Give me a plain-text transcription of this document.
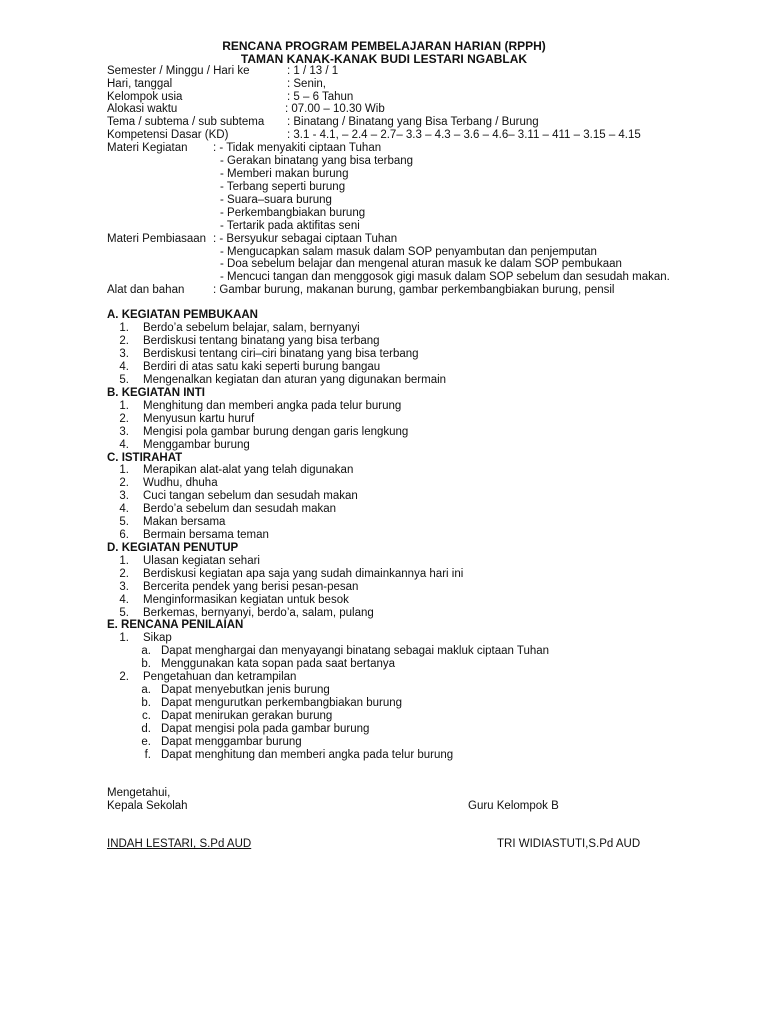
RENCANA PROGRAM PEMBELAJARAN HARIAN (RPPH)
TAMAN KANAK-KANAK BUDI LESTARI NGABLAK
Semester / Minggu / Hari ke	: 1 / 13 / 1
Hari, tanggal	: Senin,
Kelompok usia	: 5 – 6 Tahun
Alokasi waktu	: 07.00 – 10.30 Wib
Tema / subtema / sub subtema : Binatang / Binatang yang Bisa Terbang / Burung
Kompetensi Dasar (KD)	: 3.1 - 4.1, – 2.4 – 2.7– 3.3 – 4.3 – 3.6 – 4.6– 3.11 – 411 – 3.15 – 4.15
Materi Kegiatan : - Tidak menyakiti ciptaan Tuhan
- Gerakan binatang yang bisa terbang
- Memberi makan burung
- Terbang seperti burung
- Suara–suara burung
- Perkembangbiakan burung
- Tertarik pada aktifitas seni
Materi Pembiasaan : - Bersyukur sebagai ciptaan Tuhan
- Mengucapkan salam masuk dalam SOP penyambutan dan penjemputan
- Doa sebelum belajar dan mengenal aturan masuk ke dalam SOP pembukaan
- Mencuci tangan dan menggosok gigi masuk dalam SOP sebelum dan sesudah makan.
Alat dan bahan : Gambar burung, makanan burung, gambar perkembangbiakan burung, pensil
A. KEGIATAN PEMBUKAAN
1. Berdo’a sebelum belajar, salam, bernyanyi
2. Berdiskusi tentang binatang yang bisa terbang
3. Berdiskusi tentang ciri–ciri binatang yang bisa terbang
4. Berdiri di atas satu kaki seperti burung bangau
5. Mengenalkan kegiatan dan aturan yang digunakan bermain
B. KEGIATAN INTI
1. Menghitung dan memberi angka pada telur burung
2. Menyusun kartu huruf
3. Mengisi pola gambar burung dengan garis lengkung
4. Menggambar burung
C. ISTIRAHAT
1. Merapikan alat-alat yang telah digunakan
2. Wudhu, dhuha
3. Cuci tangan sebelum dan sesudah makan
4. Berdo’a sebelum dan sesudah makan
5. Makan bersama
6. Bermain bersama teman
D. KEGIATAN PENUTUP
1. Ulasan kegiatan sehari
2. Berdiskusi kegiatan apa saja yang sudah dimainkannya hari ini
3. Bercerita pendek yang berisi pesan-pesan
4. Menginformasikan kegiatan untuk besok
5. Berkemas, bernyanyi, berdo’a, salam, pulang
E. RENCANA PENILAIAN
1. Sikap
a. Dapat menghargai dan menyayangi binatang sebagai makluk ciptaan Tuhan
b. Menggunakan kata sopan pada saat bertanya
2. Pengetahuan dan ketrampilan
a. Dapat menyebutkan jenis burung
b. Dapat mengurutkan perkembangbiakan burung
c. Dapat menirukan gerakan burung
d. Dapat mengisi pola pada gambar burung
e. Dapat menggambar burung
f. Dapat menghitung dan memberi angka pada telur burung
Mengetahui,
Kepala Sekolah	Guru Kelompok B
INDAH LESTARI, S.Pd AUD	TRI WIDIASTUTI,S.Pd AUD
